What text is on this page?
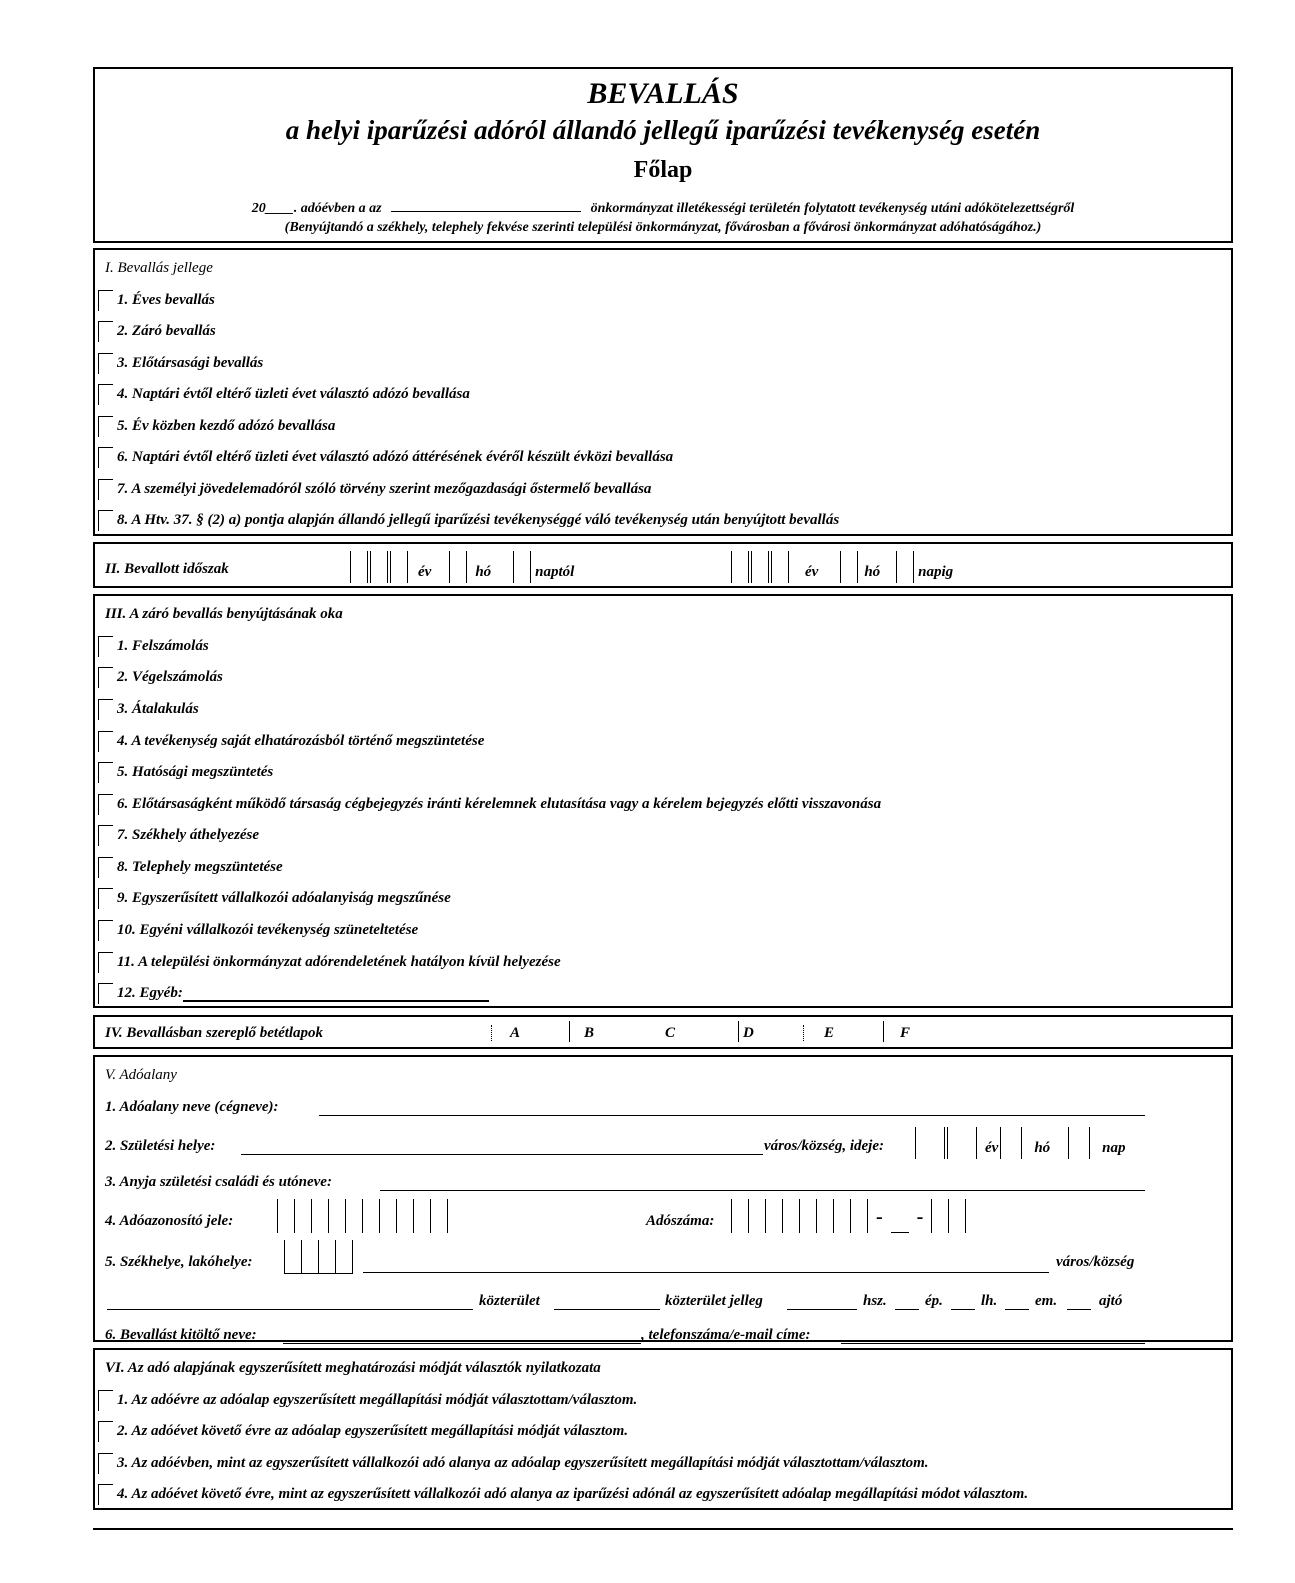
BEVALLÁS
a helyi iparűzési adóról állandó jellegű iparűzési tevékenység esetén
Főlap
20____. adóévben a az	önkormányzat illetékességi területén folytatott tevékenység utáni adókötelezettségről
(Benyújtandó a székhely, telephely fekvése szerinti települési önkormányzat, fővárosban a fővárosi önkormányzat adóhatóságához.)
I. Bevallás jellege
1. Éves bevallás
2. Záró bevallás
3. Előtársasági bevallás
4. Naptári évtől eltérő üzleti évet választó adózó bevallása
5. Év közben kezdő adózó bevallása
6. Naptári évtől eltérő üzleti évet választó adózó áttérésének évéről készült évközi bevallása
7. A személyi jövedelemadóról szóló törvény szerint mezőgazdasági őstermelő bevallása
8. A Htv. 37. § (2) a) pontja alapján állandó jellegű iparűzési tevékenységgé váló tevékenység után benyújtott bevallás
II. Bevallott időszak	év	hó	naptól	év	hó	napig
III. A záró bevallás benyújtásának oka
1. Felszámolás
2. Végelszámolás
3. Átalakulás
4. A tevékenység saját elhatározásból történő megszüntetése
5. Hatósági megszüntetés
6. Előtársaságként működő társaság cégbejegyzés iránti kérelemnek elutasítása vagy a kérelem bejegyzés előtti visszavonása
7. Székhely áthelyezése
8. Telephely megszüntetése
9. Egyszerűsített vállalkozói adóalanyiság megszűnése
10. Egyéni vállalkozói tevékenység szüneteltetése
11. A települési önkormányzat adórendeletének hatályon kívül helyezése
12. Egyéb:
IV. Bevallásban szereplő betétlapok	A	B	C	D	E	F
V. Adóalany
1. Adóalany neve (cégneve):
2. Születési helye:	város/község, ideje:	év hó	nap
3. Anyja születési családi és utóneve:
4. Adóazonosító jele:	Adószáma:	- -
5. Székhelye, lakóhelye:	város/község
közterület	közterület jelleg	hsz.	ép.	lh.	em.	ajtó
6. Bevallást kitöltő neve:	, telefonszáma/e-mail címe:
VI. Az adó alapjának egyszerűsített meghatározási módját választók nyilatkozata
1. Az adóévre az adóalap egyszerűsített megállapítási módját választottam/választom.
2. Az adóévet követő évre az adóalap egyszerűsített megállapítási módját választom.
3. Az adóévben, mint az egyszerűsített vállalkozói adó alanya az adóalap egyszerűsített megállapítási módját választottam/választom.
4. Az adóévet követő évre, mint az egyszerűsített vállalkozói adó alanya az iparűzési adónál az egyszerűsített adóalap megállapítási módot választom.
